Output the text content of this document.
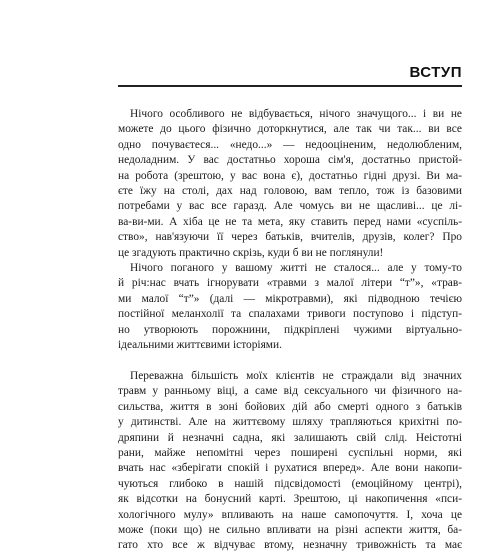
ВСТУП

Нічого особливого не відбувається, нічого значущого... і ви не
можете до цього фізично доторкнутися, але так чи так... ви все
одно почуваєтеся... «недо...» — недооціненим, недолюбленим,
недоладним. У вас достатньо хороша сім'я, достатньо пристой-
на робота (зрештою, у вас вона є), достатньо гідні друзі. Ви ма-
єте їжу на столі, дах над головою, вам тепло, тож із базовими
потребами у вас все гаразд. Але чомусь ви не щасливі... це лі-
ва-ви-ми. А хіба це не та мета, яку ставить перед нами «суспіль-
ство», нав'язуючи її через батьків, вчителів, друзів, колег? Про
це згадують практично скрізь, куди б ви не поглянули!

Нічого поганого у вашому житті не сталося... але у тому-то
й річ:нас вчать ігнорувати «травми з малої літери “т”», «трав-
ми малої “т”» (далі — мікротравми), які підводною течією
постійної меланхолії та спалахами тривоги поступово і підступ-
но утворюють порожнини, підкріплені чужими віртуально-
ідеальними життєвими історіями.

Переважна більшість моїх клієнтів не страждали від значних
травм у ранньому віці, а саме від сексуального чи фізичного на-
сильства, життя в зоні бойових дій або смерті одного з батьків
у дитинстві. Але на життєвому шляху трапляються крихітні по-
дряпини й незначні садна, які залишають свій слід. Неістотні
рани, майже непомітні через поширені суспільні норми, які
вчать нас «зберігати спокій і рухатися вперед». Але вони накопи-
чуються глибоко в нашій підсвідомості (емоційному центрі),
як відсотки на бонусний карті. Зрештою, ці накопичення «пси-
хологічного мулу» впливають на наше самопочуття. І, хоча це
може (поки що) не сильно впливати на різні аспекти життя, ба-
гато хто все ж відчуває втому, незначну тривожність та має
